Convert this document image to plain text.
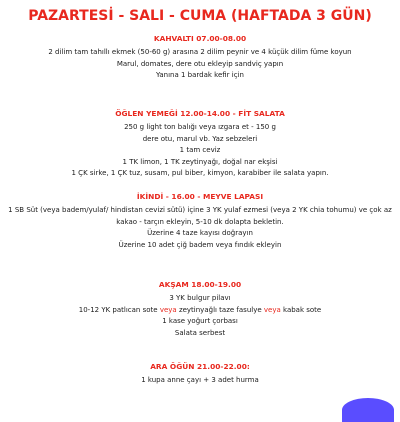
PAZARTESİ - SALI - CUMA (HAFTADA 3 GÜN)
KAHVALTI 07.00-08.00
2 dilim tam tahıllı ekmek (50-60 g) arasına 2 dilim peynir ve 4 küçük dilim füme koyun
Marul, domates, dere otu ekleyip sandviç yapın
Yanına 1 bardak kefir için
ÖĞLEN YEMEĞİ 12.00-14.00 - FİT SALATA
250 g light ton balığı veya ızgara et - 150 g
dere otu, marul vb. Yaz sebzeleri
1 tam ceviz
1 TK limon, 1 TK zeytinyağı, doğal nar ekşisi
1 ÇK sirke, 1 ÇK tuz, susam, pul biber, kimyon, karabiber ile salata yapın.
İKİNDİ - 16.00 - MEYVE LAPASI
1 SB Süt (veya badem/yulaf/ hindistan cevizi sütü) içine 3 YK yulaf ezmesi (veya 2 YK chia tohumu) ve çok az
kakao - tarçın ekleyin, 5-10 dk dolapta bekletin.
Üzerine 4 taze kayısı doğrayın
Üzerine 10 adet çiğ badem veya fındık ekleyin
AKŞAM 18.00-19.00
3 YK bulgur pilavı
10-12 YK patlıcan sote veya zeytinyağlı taze fasulye veya kabak sote
1 kase yoğurt çorbası
Salata serbest
ARA ÖĞÜN 21.00-22.00:
1 kupa anne çayı + 3 adet hurma
